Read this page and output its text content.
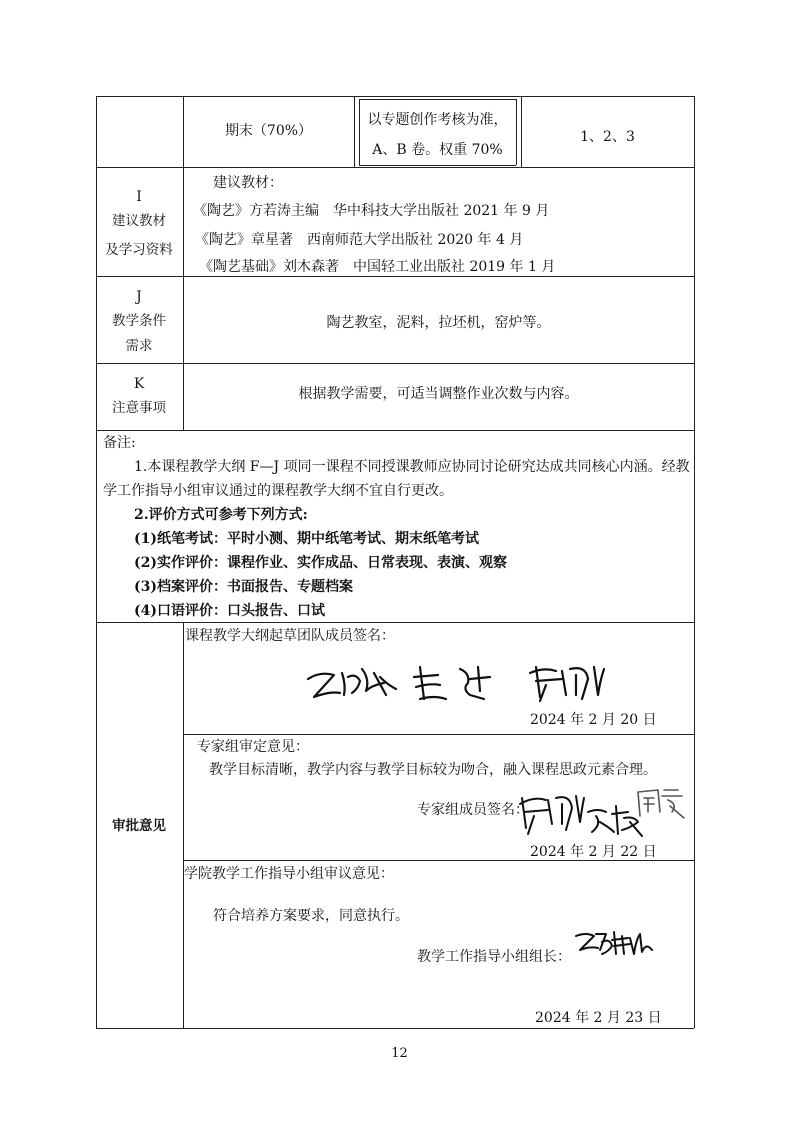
期末（70%）
以专题创作考核为准，
A、B 卷。权重 70%
1、2、3
I
建议教材
及学习资料
建议教材：
《陶艺》方若涛主编　华中科技大学出版社 2021 年 9 月
《陶艺》章星著　西南师范大学出版社 2020 年 4 月
《陶艺基础》刘木森著　中国轻工业出版社 2019 年 1 月
J
教学条件
需求
陶艺教室，泥料，拉坯机，窑炉等。
K
注意事项
根据教学需要，可适当调整作业次数与内容。
备注:
1.本课程教学大纲 F—J 项同一课程不同授课教师应协同讨论研究达成共同核心内涵。经教
学工作指导小组审议通过的课程教学大纲不宜自行更改。
2.评价方式可参考下列方式:
(1)纸笔考试：平时小测、期中纸笔考试、期末纸笔考试
(2)实作评价：课程作业、实作成品、日常表现、表演、观察
(3)档案评价：书面报告、专题档案
(4)口语评价：口头报告、口试
审批意见
课程教学大纲起草团队成员签名：
2024 年 2 月 20 日
专家组审定意见：
教学目标清晰，教学内容与教学目标较为吻合，融入课程思政元素合理。
专家组成员签名：
2024 年 2 月 22 日
学院教学工作指导小组审议意见：
符合培养方案要求，同意执行。
教学工作指导小组组长：
2024 年 2 月 23 日
12
